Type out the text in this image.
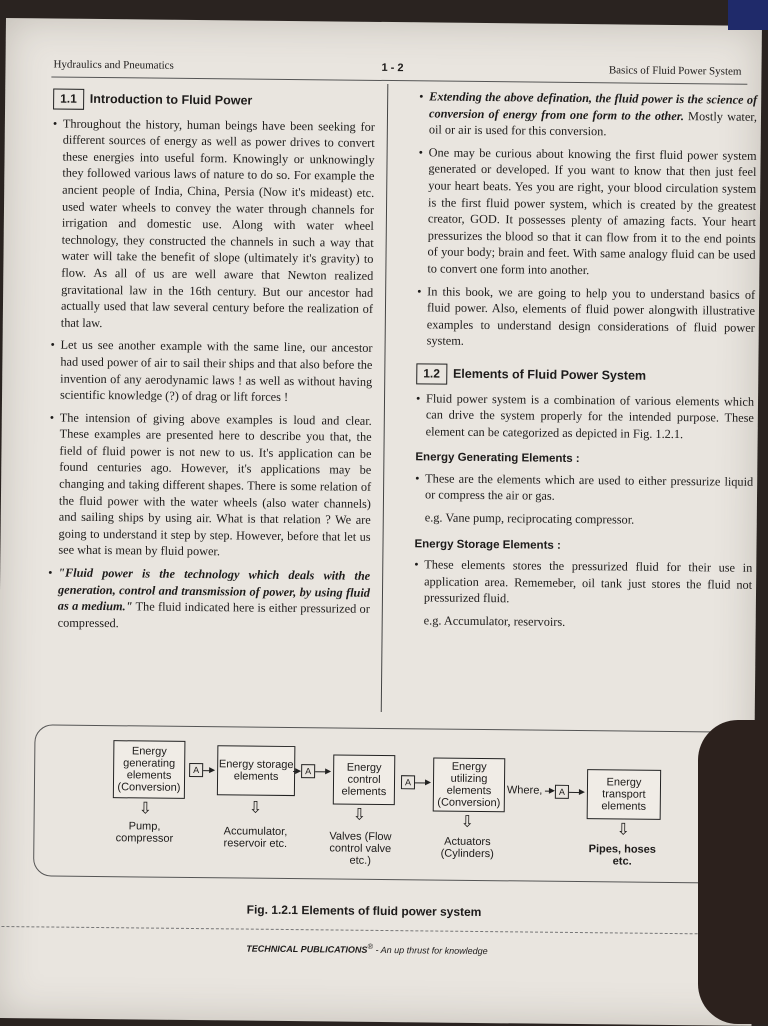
Hydraulics and Pneumatics	1 - 2	Basics of Fluid Power System
1.1	Introduction to Fluid Power
• Throughout the history, human beings have been seeking for different sources of energy as well as power drives to convert these energies into useful form. Knowingly or unknowingly they followed various laws of nature to do so. For example the ancient people of India, China, Persia (Now it's mideast) etc. used water wheels to convey the water through channels for irrigation and domestic use. Along with water wheel technology, they constructed the channels in such a way that water will take the benefit of slope (ultimately it's gravity) to flow. As all of us are well aware that Newton realized gravitational law in the 16th century. But our ancestor had actually used that law several century before the realization of that law.
• Let us see another example with the same line, our ancestor had used power of air to sail their ships and that also before the invention of any aerodynamic laws ! as well as without having scientific knowledge (?) of drag or lift forces !
• The intension of giving above examples is loud and clear. These examples are presented here to describe you that, the field of fluid power is not new to us. It's application can be found centuries ago. However, it's applications may be changing and taking different shapes. There is some relation of the fluid power with the water wheels (also water channels) and sailing ships by using air. What is that relation ? We are going to understand it step by step. However, before that let us see what is mean by fluid power.
• "Fluid power is the technology which deals with the generation, control and transmission of power, by using fluid as a medium." The fluid indicated here is either pressurized or compressed.
• Extending the above defination, the fluid power is the science of conversion of energy from one form to the other. Mostly water, oil or air is used for this conversion.
• One may be curious about knowing the first fluid power system generated or developed. If you want to know that then just feel your heart beats. Yes you are right, your blood circulation system is the first fluid power system, which is created by the greatest creator, GOD. It possesses plenty of amazing facts. Your heart pressurizes the blood so that it can flow from it to the end points of your body; brain and feet. With same analogy fluid can be used to convert one form into another.
• In this book, we are going to help you to understand basics of fluid power. Also, elements of fluid power alongwith illustrative examples to understand design considerations of fluid power system.
1.2	Elements of Fluid Power System
• Fluid power system is a combination of various elements which can drive the system properly for the intended purpose. These element can be categorized as depicted in Fig. 1.2.1.
Energy Generating Elements :
• These are the elements which are used to either pressurize liquid or compress the air or gas.
e.g. Vane pump, reciprocating compressor.
Energy Storage Elements :
• These elements stores the pressurized fluid for their use in application area. Rememeber, oil tank just stores the fluid not pressurized fluid.
e.g. Accumulator, reservoirs.
Energy generating elements (Conversion)
A	Energy storage elements	A	Energy control elements
A
Energy utilizing elements (Conversion)
Where,	A
Energy transport elements
⇩	⇩	⇩	⇩	⇩
Pump, compressor
Accumulator, reservoir etc.
Valves (Flow control valve etc.)
Actuators (Cylinders)	Pipes, hoses etc.
Fig. 1.2.1 Elements of fluid power system
TECHNICAL PUBLICATIONS® - An up thrust for knowledge
